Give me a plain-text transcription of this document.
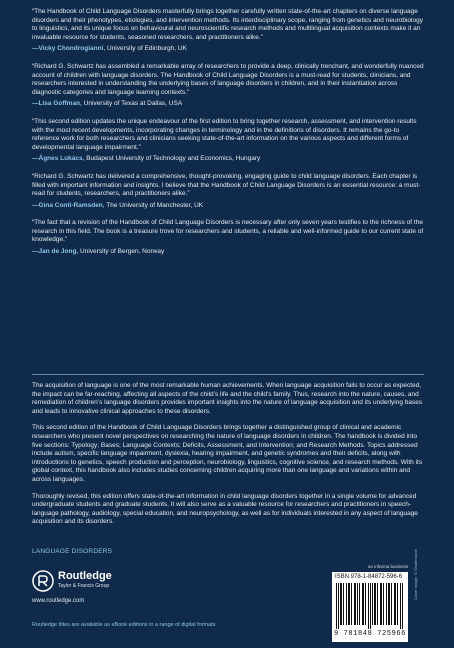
“The Handbook of Child Language Disorders masterfully brings together carefully written state-of-the-art chapters on diverse language disorders and their phenotypes, etiologies, and intervention methods. Its interdisciplinary scope, ranging from genetics and neurobiology to linguistics, and its unique focus on behavioural and neuroscientific research methods and multilingual acquisition contexts make it an invaluable resource for students, seasoned researchers, and practitioners alike.”

—Vicky Chondrogianni, University of Edinburgh, UK

“Richard G. Schwartz has assembled a remarkable array of researchers to provide a deep, clinically trenchant, and wonderfully nuanced account of children with language disorders. The Handbook of Child Language Disorders is a must-read for students, clinicians, and researchers interested in understanding the underlying bases of language disorders in children, and in their instantiation across diagnostic categories and language learning contexts.”

—Lisa Goffman, University of Texas at Dallas, USA

“This second edition updates the unique endeavour of the first edition to bring together research, assessment, and intervention results with the most recent developments, incorporating changes in terminology and in the definitions of disorders. It remains the go-to reference work for both researchers and clinicians seeking state-of-the-art information on the various aspects and different forms of developmental language impairment.”

—Ágnes Lukács, Budapest University of Technology and Economics, Hungary

“Richard G. Schwartz has delivered a comprehensive, thought-provoking, engaging guide to child language disorders. Each chapter is filled with important information and insights. I believe that the Handbook of Child Language Disorders is an essential resource: a must-read for students, researchers, and practitioners alike.”

—Gina Conti-Ramsden, The University of Manchester, UK

“The fact that a revision of the Handbook of Child Language Disorders is necessary after only seven years testifies to the richness of the research in this field. The book is a treasure trove for researchers and students, a reliable and well-informed guide to our current state of knowledge.”

—Jan de Jong, University of Bergen, Norway

The acquisition of language is one of the most remarkable human achievements. When language acquisition fails to occur as expected, the impact can be far-reaching, affecting all aspects of the child’s life and the child’s family. Thus, research into the nature, causes, and remediation of children’s language disorders provides important insights into the nature of language acquisition and its underlying bases and leads to innovative clinical approaches to these disorders.

This second edition of the Handbook of Child Language Disorders brings together a distinguished group of clinical and academic researchers who present novel perspectives on researching the nature of language disorders in children. The handbook is divided into five sections: Typology; Bases; Language Contexts; Deficits, Assessment, and Intervention; and Research Methods. Topics addressed include autism, specific language impairment, dyslexia, hearing impairment, and genetic syndromes and their deficits, along with introductions to genetics, speech production and perception, neurobiology, linguistics, cognitive science, and research methods. With its global context, this handbook also includes studies concerning children acquiring more than one language and variations within and across languages.

Thoroughly revised, this edition offers state-of-the-art information in child language disorders together in a single volume for advanced undergraduate students and graduate students. It will also serve as a valuable resource for researchers and practitioners in speech-language pathology, audiology, special education, and neuropsychology, as well as for individuals interested in any aspect of language acquisition and its disorders.

LANGUAGE DISORDERS
Routledge
Taylor & Francis Group
www.routledge.com
Routledge titles are available as eBook editions in a range of digital formats
an informa business
ISBN 978-1-84872-596-6
9 781848 725966
Cover image: © Shutterstock
